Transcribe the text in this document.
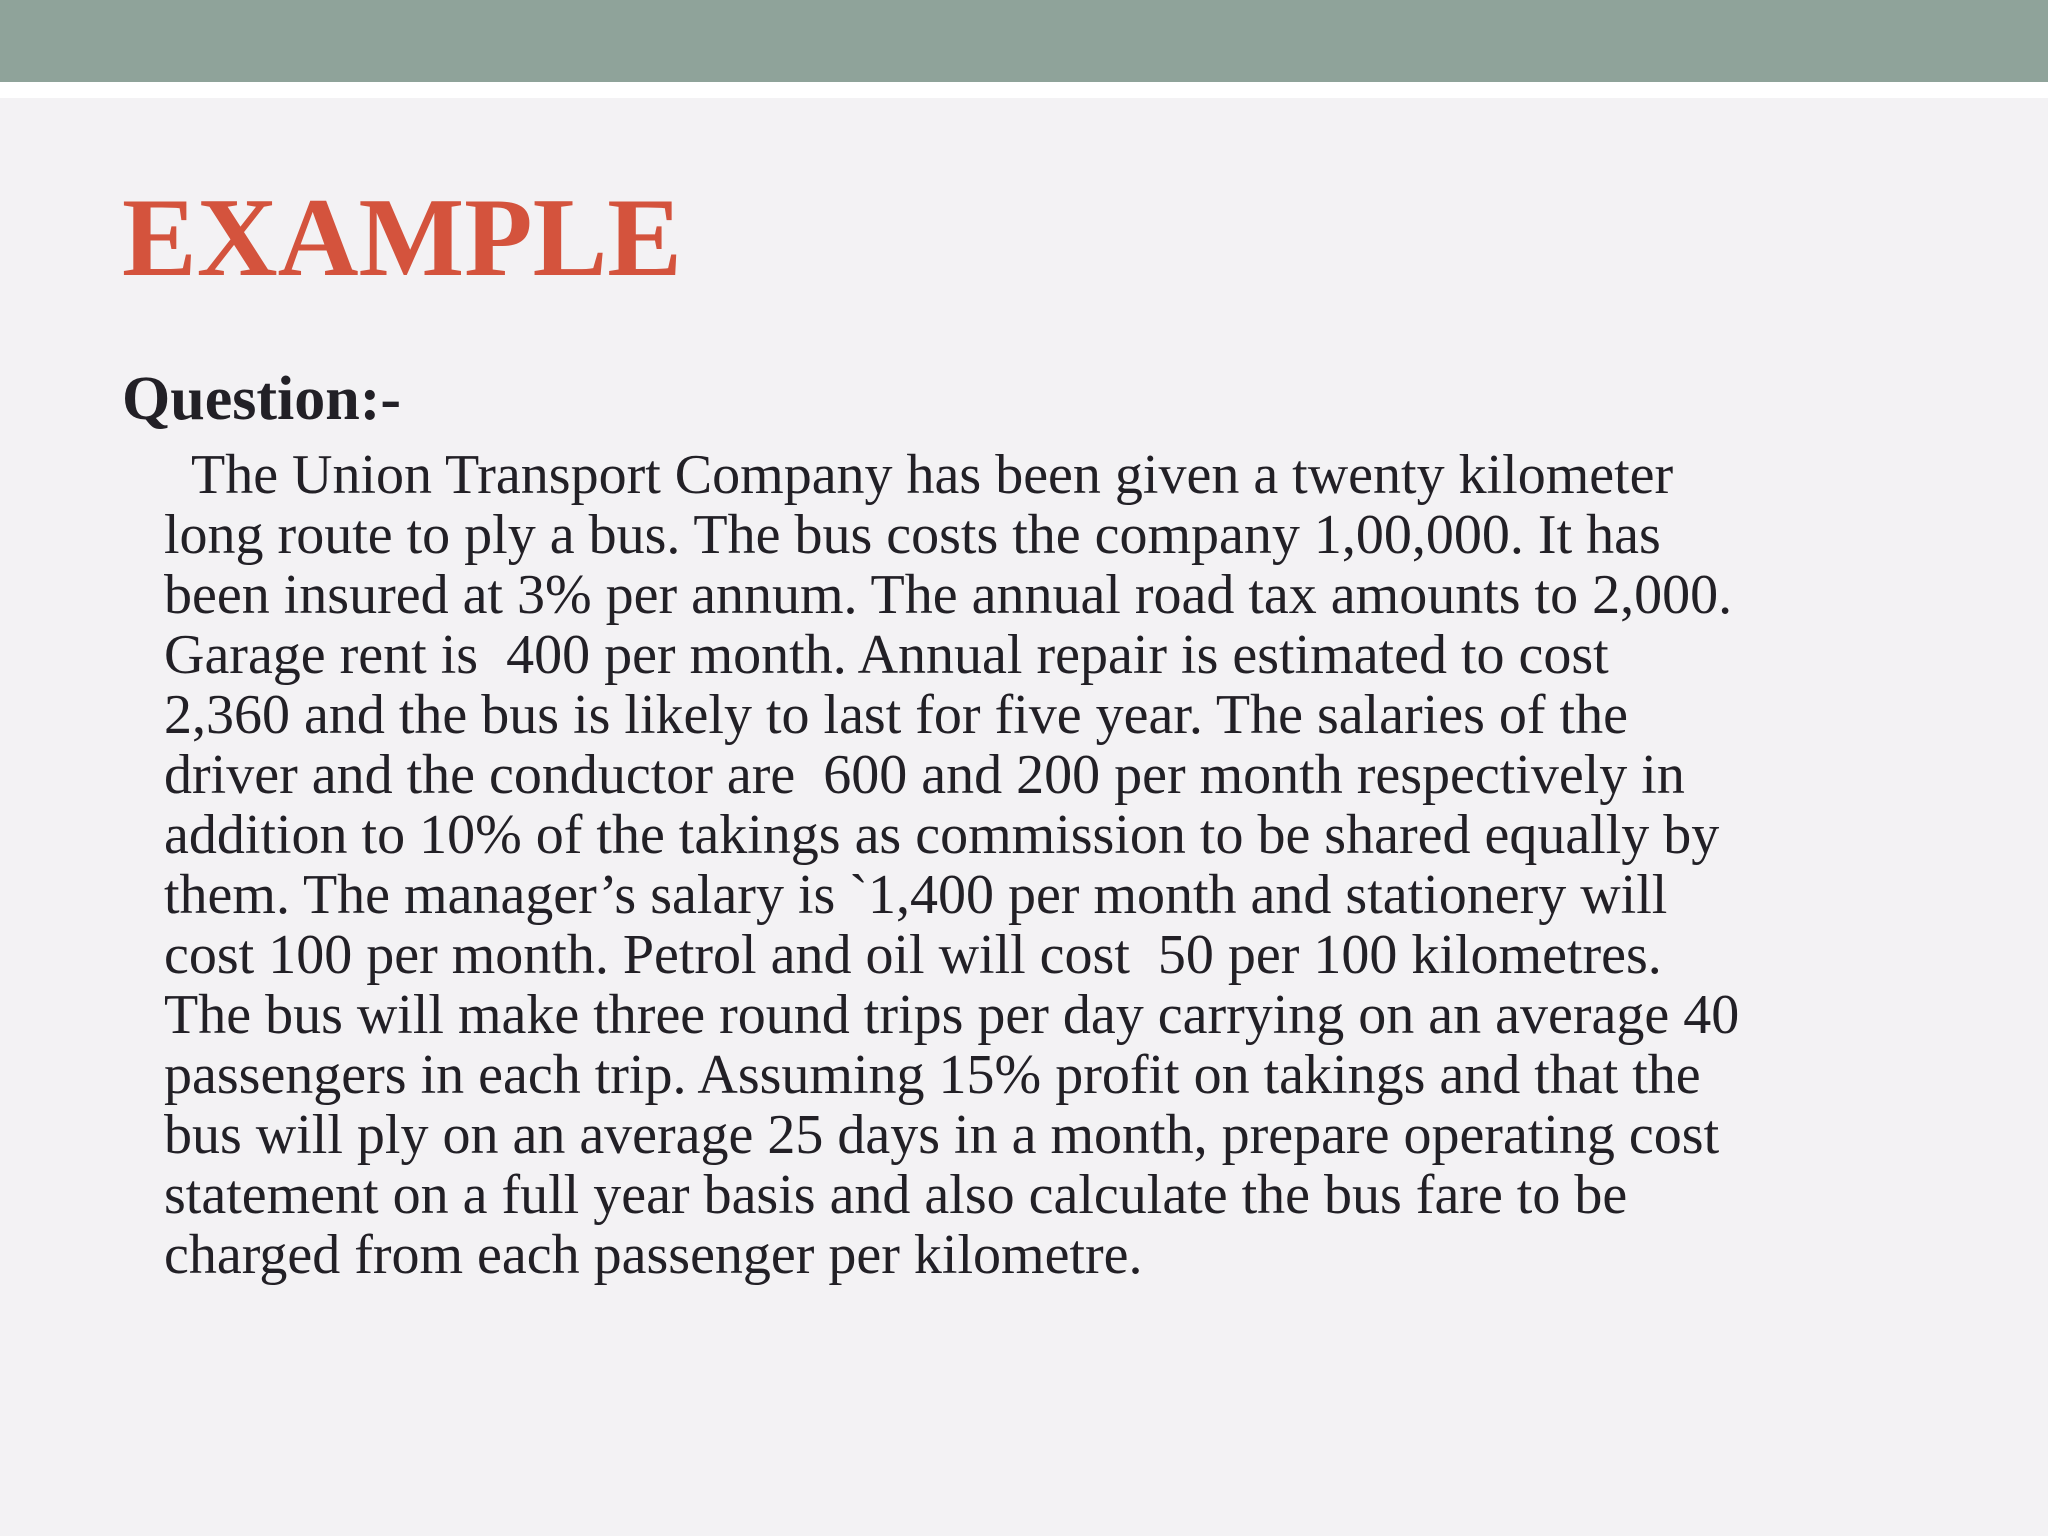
EXAMPLE
Question:-
The Union Transport Company has been given a twenty kilometer
long route to ply a bus. The bus costs the company 1,00,000. It has
been insured at 3% per annum. The annual road tax amounts to 2,000.
Garage rent is  400 per month. Annual repair is estimated to cost
2,360 and the bus is likely to last for five year. The salaries of the
driver and the conductor are  600 and 200 per month respectively in
addition to 10% of the takings as commission to be shared equally by
them. The manager’s salary is `1,400 per month and stationery will
cost 100 per month. Petrol and oil will cost  50 per 100 kilometres.
The bus will make three round trips per day carrying on an average 40
passengers in each trip. Assuming 15% profit on takings and that the
bus will ply on an average 25 days in a month, prepare operating cost
statement on a full year basis and also calculate the bus fare to be
charged from each passenger per kilometre.
